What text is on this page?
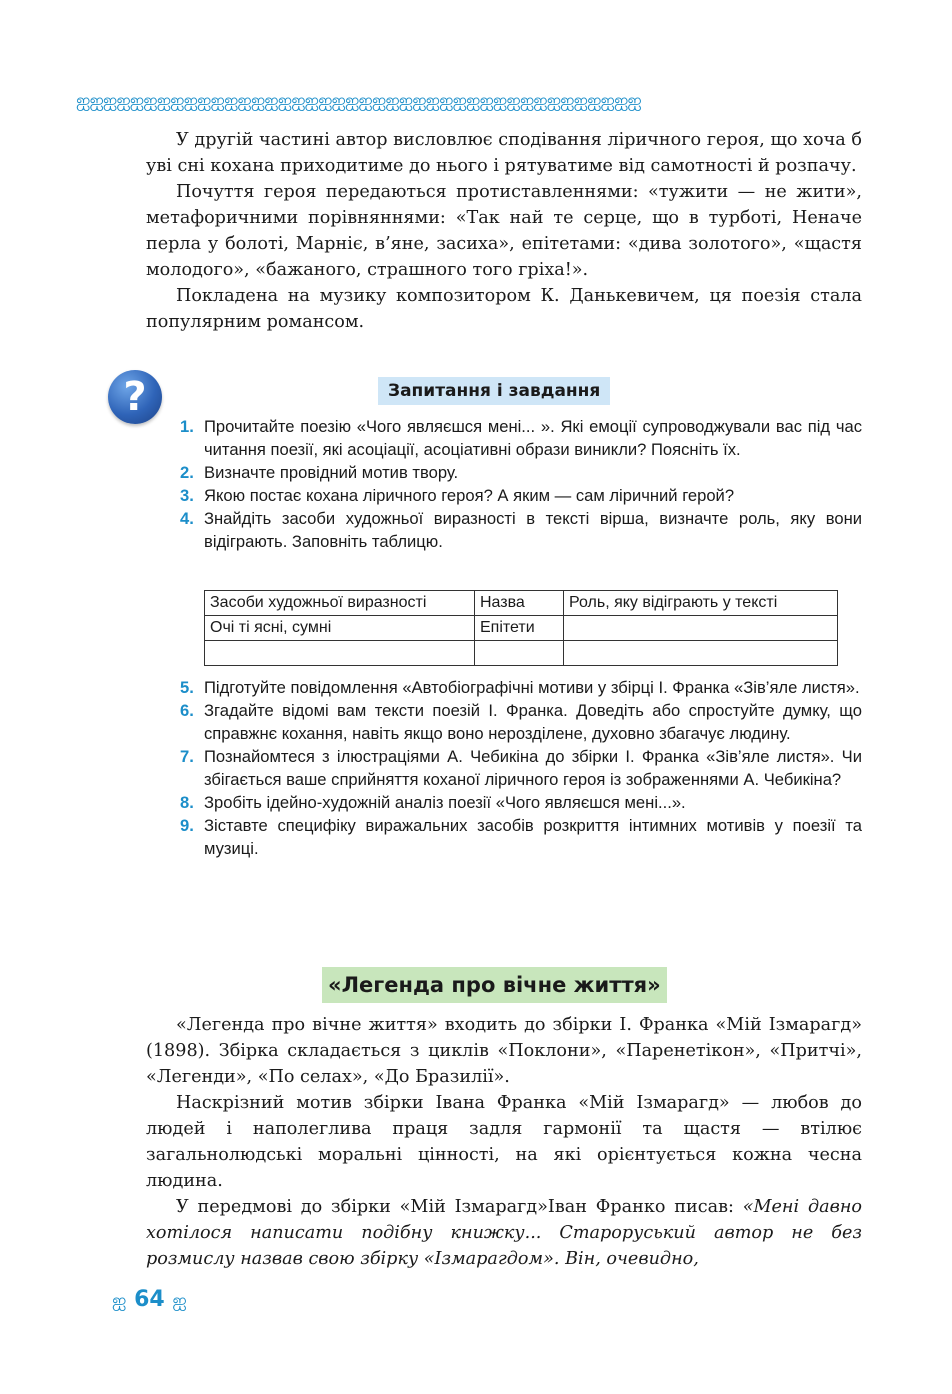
ஐஐஐஐஐஐஐஐஐஐஐஐஐஐஐஐஐஐஐஐஐஐஐஐஐஐஐஐஐஐஐஐஐஐஐஐஐஐஐஐஐஐ

У другій частині автор висловлює сподівання ліричного героя, що хоча б уві сні кохана приходитиме до нього і рятуватиме від самотності й розпачу.

Почуття героя передаються протиставленнями: «тужити — не жити», метафоричними порівняннями: «Так най те серце, що в турботі, Неначе перла у болоті, Марніє, в’яне, засиха», епітетами: «дива золотого», «щастя молодого», «бажаного, страшного того гріха!».

Покладена на музику композитором К. Данькевичем, ця поезія стала популярним романсом.

?	Запитання і завдання
1. Прочитайте поезію «Чого являєшся мені... ». Які емоції супроводжували вас під час читання поезії, які асоціації, асоціативні образи виникли? Поясніть їх.
2. Визначте провідний мотив твору.
3. Якою постає кохана ліричного героя? А яким — сам ліричний герой?
4. Знайдіть засоби художньої виразності в тексті вірша, визначте роль, яку вони відіграють. Заповніть таблицю.
Засоби художньої виразності	Назва	Роль, яку відіграють у тексті
Очі ті ясні, сумні	Епітети	

5. Підготуйте повідомлення «Автобіографічні мотиви у збірці І. Франка «Зів’яле листя».
6. Згадайте відомі вам тексти поезій І. Франка. Доведіть або спростуйте думку, що справжнє кохання, навіть якщо воно нерозділене, духовно збагачує людину.
7. Познайомтеся з ілюстраціями А. Чебикіна до збірки І. Франка «Зів’яле листя». Чи збігається ваше сприйняття коханої ліричного героя із зображеннями А. Чебикіна?
8. Зробіть ідейно-художній аналіз поезії «Чого являєшся мені...».
9. Зіставте специфіку виражальних засобів розкриття інтимних мотивів у поезії та музиці.
«Легенда про вічне життя»

«Легенда про вічне життя» входить до збірки І. Франка «Мій Ізмарагд» (1898). Збірка складається з циклів «Поклони», «Паренетікон», «Притчі», «Легенди», «По селах», «До Бразилії».

Наскрізний мотив збірки Івана Франка «Мій Ізмарагд» — любов до людей і наполеглива праця задля гармонії та щастя — втілює загальнолюдські моральні цінності, на які орієнтується кожна чесна людина.

У передмові до збірки «Мій Ізмарагд»Іван Франко писав: «Мені давно хотілося написати подібну книжку... Староруський автор не без розмислу назвав свою збірку «Ізмарагдом». Він, очевидно,

ஐ 64 ஐ
